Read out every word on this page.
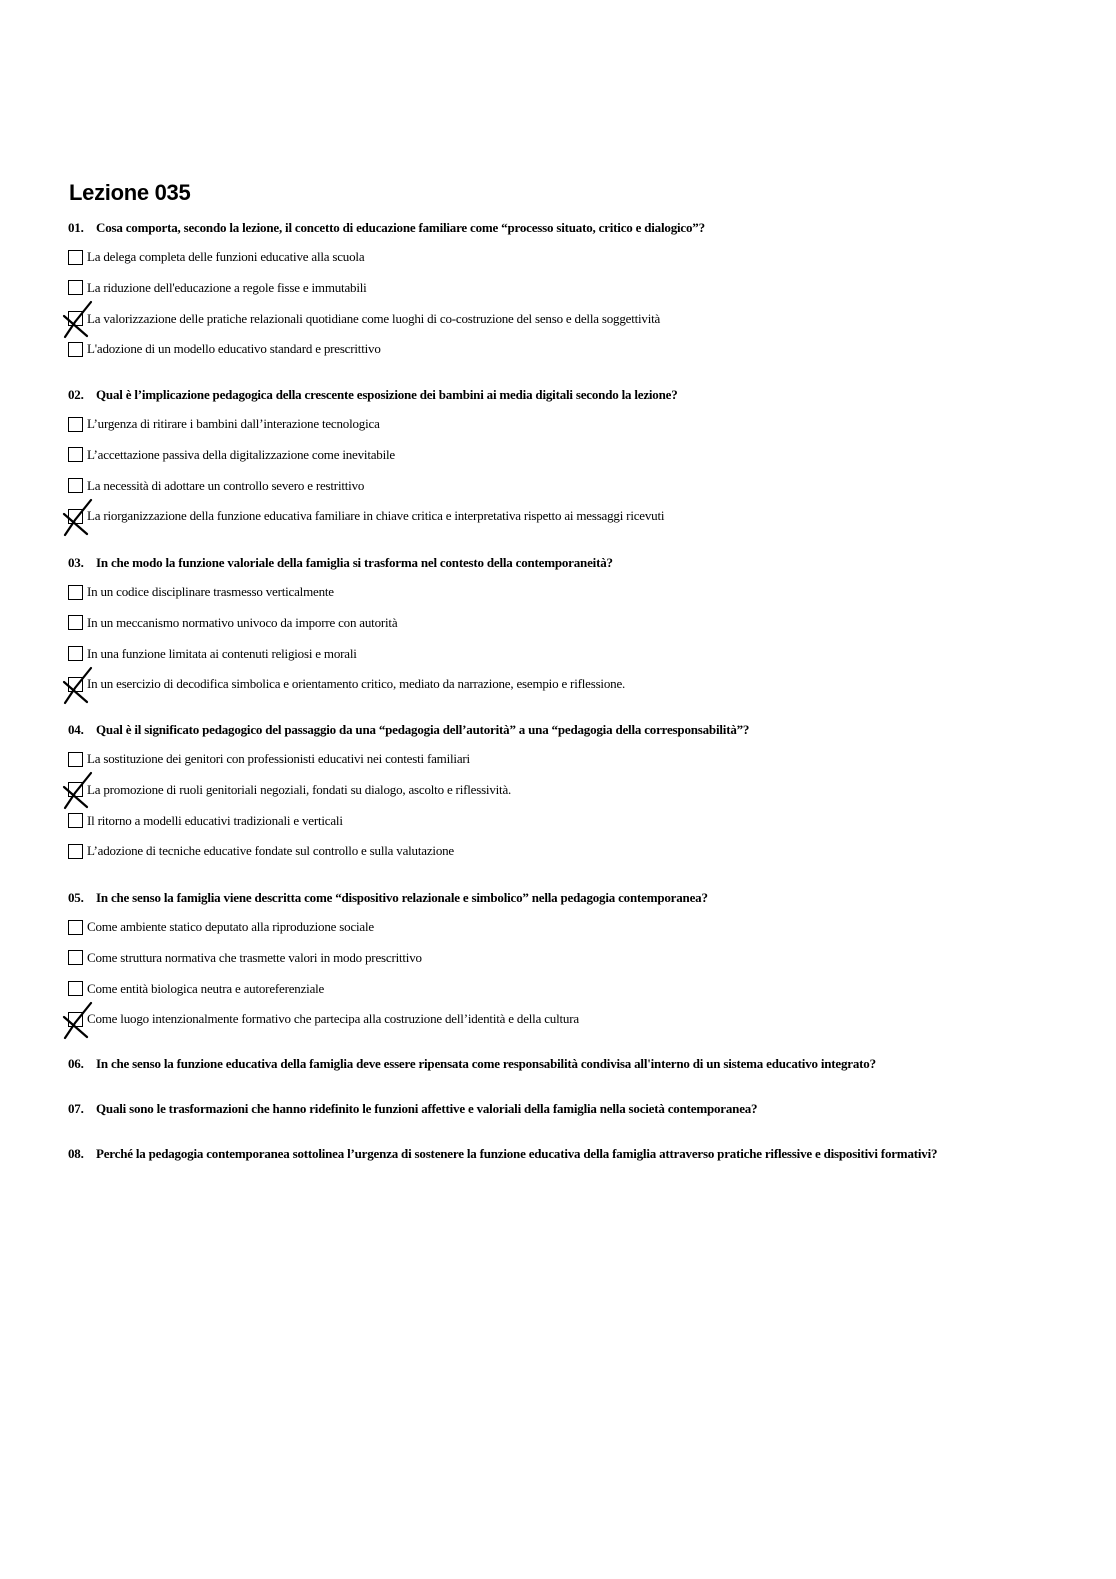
Lezione 035
01. Cosa comporta, secondo la lezione, il concetto di educazione familiare come “processo situato, critico e dialogico”?
La delega completa delle funzioni educative alla scuola
La riduzione dell'educazione a regole fisse e immutabili
La valorizzazione delle pratiche relazionali quotidiane come luoghi di co-costruzione del senso e della soggettività
L'adozione di un modello educativo standard e prescrittivo
02. Qual è l’implicazione pedagogica della crescente esposizione dei bambini ai media digitali secondo la lezione?
L’urgenza di ritirare i bambini dall’interazione tecnologica
L’accettazione passiva della digitalizzazione come inevitabile
La necessità di adottare un controllo severo e restrittivo
La riorganizzazione della funzione educativa familiare in chiave critica e interpretativa rispetto ai messaggi ricevuti
03. In che modo la funzione valoriale della famiglia si trasforma nel contesto della contemporaneità?
In un codice disciplinare trasmesso verticalmente
In un meccanismo normativo univoco da imporre con autorità
In una funzione limitata ai contenuti religiosi e morali
In un esercizio di decodifica simbolica e orientamento critico, mediato da narrazione, esempio e riflessione.
04. Qual è il significato pedagogico del passaggio da una “pedagogia dell’autorità” a una “pedagogia della corresponsabilità”?
La sostituzione dei genitori con professionisti educativi nei contesti familiari
La promozione di ruoli genitoriali negoziali, fondati su dialogo, ascolto e riflessività.
Il ritorno a modelli educativi tradizionali e verticali
L’adozione di tecniche educative fondate sul controllo e sulla valutazione
05. In che senso la famiglia viene descritta come “dispositivo relazionale e simbolico” nella pedagogia contemporanea?
Come ambiente statico deputato alla riproduzione sociale
Come struttura normativa che trasmette valori in modo prescrittivo
Come entità biologica neutra e autoreferenziale
Come luogo intenzionalmente formativo che partecipa alla costruzione dell’identità e della cultura
06. In che senso la funzione educativa della famiglia deve essere ripensata come responsabilità condivisa all'interno di un sistema educativo integrato?
07. Quali sono le trasformazioni che hanno ridefinito le funzioni affettive e valoriali della famiglia nella società contemporanea?
08. Perché la pedagogia contemporanea sottolinea l’urgenza di sostenere la funzione educativa della famiglia attraverso pratiche riflessive e dispositivi formativi?
